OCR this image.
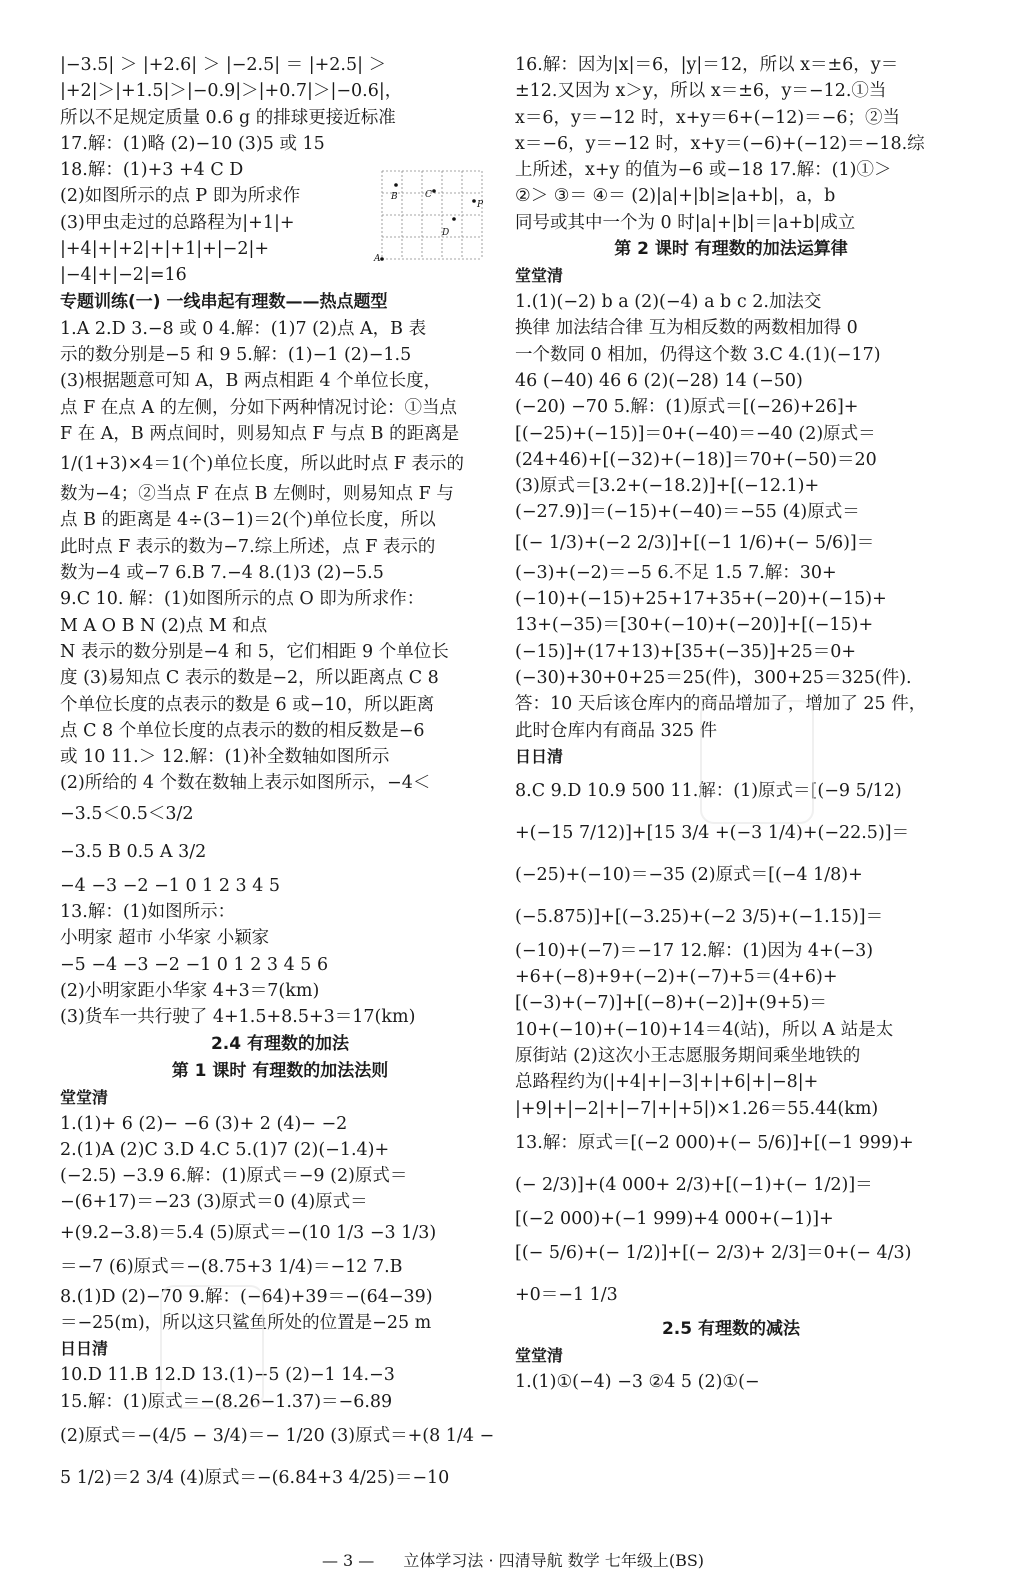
|−3.5| ＞ |+2.6| ＞ |−2.5| ＝ |+2.5| ＞
|+2|＞|+1.5|＞|−0.9|＞|+0.7|＞|−0.6|，
所以不足规定质量 0.6 g 的排球更接近标准
17.解：(1)略 (2)−10 (3)5 或 15
18.解：(1)+3 +4 C D
(2)如图所示的点 P 即为所求作
(3)甲虫走过的总路程为|+1|+
|+4|+|+2|+|+1|+|−2|+
|−4|+|−2|=16
专题训练(一) 一线串起有理数——热点题型
1.A 2.D 3.−8 或 0 4.解：(1)7 (2)点 A，B 表
示的数分别是−5 和 9 5.解：(1)−1 (2)−1.5
(3)根据题意可知 A，B 两点相距 4 个单位长度，
点 F 在点 A 的左侧，分如下两种情况讨论：①当点
F 在 A，B 两点间时，则易知点 F 与点 B 的距离是
1/(1+3)×4＝1(个)单位长度，所以此时点 F 表示的
数为−4；②当点 F 在点 B 左侧时，则易知点 F 与
点 B 的距离是 4÷(3−1)＝2(个)单位长度，所以
此时点 F 表示的数为−7.综上所述，点 F 表示的
数为−4 或−7 6.B 7.−4 8.(1)3 (2)−5.5
9.C 10. 解：(1)如图所示的点 O 即为所求作：
M A O B N (2)点 M 和点
N 表示的数分别是−4 和 5，它们相距 9 个单位长
度 (3)易知点 C 表示的数是−2，所以距离点 C 8
个单位长度的点表示的数是 6 或−10，所以距离
点 C 8 个单位长度的点表示的数的相反数是−6
或 10 11.＞ 12.解：(1)补全数轴如图所示
(2)所给的 4 个数在数轴上表示如图所示，−4＜
−3.5＜0.5＜3/2
−3.5 B 0.5 A 3/2
−4 −3 −2 −1 0 1 2 3 4 5
13.解：(1)如图所示：
小明家 超市 小华家 小颖家
−5 −4 −3 −2 −1 0 1 2 3 4 5 6
(2)小明家距小华家 4+3＝7(km)
(3)货车一共行驶了 4+1.5+8.5+3＝17(km)
2.4 有理数的加法
第 1 课时 有理数的加法法则
堂堂清
1.(1)+ 6 (2)− −6 (3)+ 2 (4)− −2
2.(1)A (2)C 3.D 4.C 5.(1)7 (2)(−1.4)+
(−2.5) −3.9 6.解：(1)原式＝−9 (2)原式＝
−(6+17)＝−23 (3)原式＝0 (4)原式＝
+(9.2−3.8)＝5.4 (5)原式＝−(10 1/3 −3 1/3)
＝−7 (6)原式＝−(8.75+3 1/4)＝−12 7.B
8.(1)D (2)−70 9.解：(−64)+39＝−(64−39)
＝−25(m)，所以这只鲨鱼所处的位置是−25 m
日日清
10.D 11.B 12.D 13.(1)−5 (2)−1 14.−3
15.解：(1)原式＝−(8.26−1.37)＝−6.89
(2)原式＝−(4/5 − 3/4)＝− 1/20 (3)原式＝+(8 1/4 −
5 1/2)＝2 3/4 (4)原式＝−(6.84+3 4/25)＝−10
16.解：因为|x|＝6，|y|＝12，所以 x＝±6，y＝
±12.又因为 x＞y，所以 x＝±6，y＝−12.①当
x＝6，y＝−12 时，x+y＝6+(−12)＝−6；②当
x＝−6，y＝−12 时，x+y＝(−6)+(−12)＝−18.综
上所述，x+y 的值为−6 或−18 17.解：(1)①＞
②＞ ③＝ ④＝ (2)|a|+|b|≥|a+b|，a，b
同号或其中一个为 0 时|a|+|b|＝|a+b|成立
第 2 课时 有理数的加法运算律
堂堂清
1.(1)(−2) b a (2)(−4) a b c 2.加法交
换律 加法结合律 互为相反数的两数相加得 0
一个数同 0 相加，仍得这个数 3.C 4.(1)(−17)
46 (−40) 46 6 (2)(−28) 14 (−50)
(−20) −70 5.解：(1)原式＝[(−26)+26]+
[(−25)+(−15)]＝0+(−40)＝−40 (2)原式＝
(24+46)+[(−32)+(−18)]＝70+(−50)＝20
(3)原式＝[3.2+(−18.2)]+[(−12.1)+
(−27.9)]＝(−15)+(−40)＝−55 (4)原式＝
[(− 1/3)+(−2 2/3)]+[(−1 1/6)+(− 5/6)]＝
(−3)+(−2)＝−5 6.不足 1.5 7.解：30+
(−10)+(−15)+25+17+35+(−20)+(−15)+
13+(−35)＝[30+(−10)+(−20)]+[(−15)+
(−15)]+(17+13)+[35+(−35)]+25＝0+
(−30)+30+0+25＝25(件)，300+25＝325(件).
答：10 天后该仓库内的商品增加了，增加了 25 件，
此时仓库内有商品 325 件
日日清
8.C 9.D 10.9 500 11.解：(1)原式＝[(−9 5/12)
+(−15 7/12)]+[15 3/4 +(−3 1/4)+(−22.5)]＝
(−25)+(−10)＝−35 (2)原式＝[(−4 1/8)+
(−5.875)]+[(−3.25)+(−2 3/5)+(−1.15)]＝
(−10)+(−7)＝−17 12.解：(1)因为 4+(−3)
+6+(−8)+9+(−2)+(−7)+5＝(4+6)+
[(−3)+(−7)]+[(−8)+(−2)]+(9+5)＝
10+(−10)+(−10)+14＝4(站)，所以 A 站是太
原街站 (2)这次小王志愿服务期间乘坐地铁的
总路程约为(|+4|+|−3|+|+6|+|−8|+
|+9|+|−2|+|−7|+|+5|)×1.26＝55.44(km)
13.解：原式＝[(−2 000)+(− 5/6)]+[(−1 999)+
(− 2/3)]+(4 000+ 2/3)+[(−1)+(− 1/2)]＝
[(−2 000)+(−1 999)+4 000+(−1)]+
[(− 5/6)+(− 1/2)]+[(− 2/3)+ 2/3]＝0+(− 4/3)
+0＝−1 1/3
2.5 有理数的减法
堂堂清
1.(1)①(−4) −3 ②4 5 (2)①(−
B	C
D
P
A
— 3 — 立体学习法 · 四清导航 数学 七年级上(BS)
